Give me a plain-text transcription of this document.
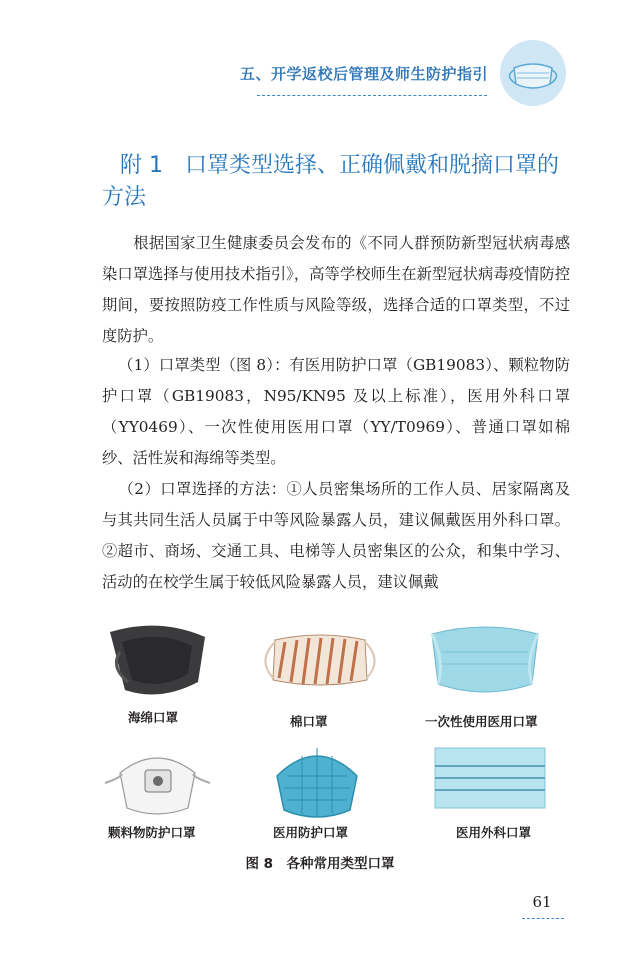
五、开学返校后管理及师生防护指引
附 1 口罩类型选择、正确佩戴和脱摘口罩的方法

根据国家卫生健康委员会发布的《不同人群预防新型冠状病毒感染口罩选择与使用技术指引》，高等学校师生在新型冠状病毒疫情防控期间，要按照防疫工作性质与风险等级，选择合适的口罩类型，不过度防护。

（1）口罩类型（图 8）：有医用防护口罩（GB19083）、颗粒物防护口罩（GB19083，N95/KN95 及以上标准），医用外科口罩（YY0469）、一次性使用医用口罩（YY/T0969）、普通口罩如棉纱、活性炭和海绵等类型。

（2）口罩选择的方法：①人员密集场所的工作人员、居家隔离及与其共同生活人员属于中等风险暴露人员，建议佩戴医用外科口罩。②超市、商场、交通工具、电梯等人员密集区的公众，和集中学习、活动的在校学生属于较低风险暴露人员，建议佩戴

海绵口罩	棉口罩	一次性使用医用口罩
颗料物防护口罩	医用防护口罩	医用外科口罩
图 8　各种常用类型口罩
61
